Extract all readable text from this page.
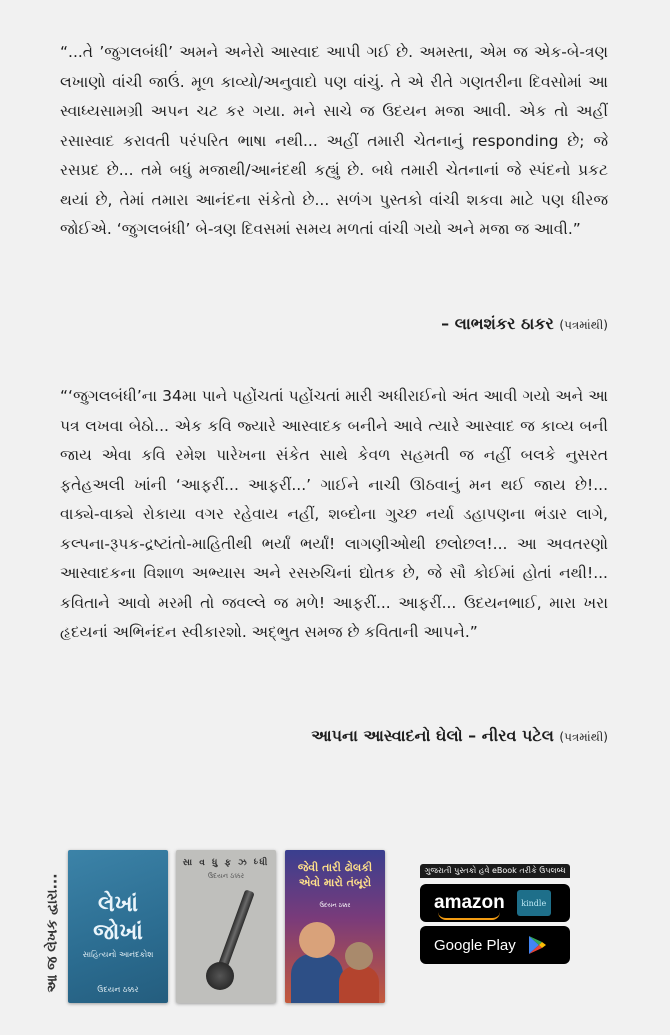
“...તે ’જુગલબંધી’ અમને અનેરો આસ્વાદ આપી ગઈ છે. અમસ્તા, એમ જ એક-બે-ત્રણ લખાણો વાંચી જાઉં. મૂળ કાવ્યો/અનુવાદો પણ વાંચું. તે એ રીતે ગણતરીના દિવસોમાં આ સ્વાધ્યસામગ્રી અપન ચટ કર ગયા. મને સાચે જ ઉદયન મજા આવી. એક તો અહીં રસાસ્વાદ કરાવતી પરંપરિત ભાષા નથી... અહીં તમારી ચેતનાનું responding છે; જે રસપ્રદ છે... તમે બધું મજાથી/આનંદથી કહ્યું છે. બધે તમારી ચેતનાનાં જે સ્પંદનો પ્રકટ થયાં છે, તેમાં તમારા આનંદના સંકેતો છે... સળંગ પુસ્તકો વાંચી શકવા માટે પણ ધીરજ જોઈએ. ‘જુગલબંધી’ બે-ત્રણ દિવસમાં સમય મળતાં વાંચી ગયો અને મજા જ આવી.”
– લાભશંકર ઠાકર (પત્રમાંથી)
“‘જુગલબંધી’ના 34મા પાને પહોંચતાં પહોંચતાં મારી અધીરાઈનો અંત આવી ગયો અને આ પત્ર લખવા બેઠો... એક કવિ જ્યારે આસ્વાદક બનીને આવે ત્યારે આસ્વાદ જ કાવ્ય બની જાય એવા કવિ રમેશ પારેખના સંકેત સાથે કેવળ સહમતી જ નહીં બલકે નુસરત ફતેહઅલી ખાંની ‘આફરીં... આફરીં...’ ગાઈને નાચી ઊઠવાનું મન થઈ જાય છે!... વાક્યે-વાક્યે રોકાયા વગર રહેવાય નહીં, શબ્દોના ગુચ્છ નર્યા ડહાપણના ભંડાર લાગે, કલ્પના-રૂપક-દ્રષ્ટાંતો-માહિતીથી ભર્યાં ભર્યાં! લાગણીઓથી છલોછલ!... આ અવતરણો આસ્વાદકના વિશાળ અભ્યાસ અને રસરુચિનાં દ્યોતક છે, જે સૌ કોઈમાં હોતાં નથી!... કવિતાને આવો મરમી તો જવલ્લે જ મળે! આફરીં... આફરીં... ઉદયનભાઈ, મારા ખરા હૃદયનાં અભિનંદન સ્વીકારશો. અદ્ભુત સમજ છે કવિતાની આપને.”
આપના આસ્વાદનો ઘેલો – નીરવ પટેલ (પત્રમાંથી)
આ જ લેખક દ્વારા...	લેખાં
જોખાં
સાહિત્યનો આનંદકોશ
ઉદયન ઠક્કર
સા વ ધુ ફ ઝ ધ્ધી
ઉદયન ઠક્કર
જેવી તારી ઢોલકી
એવો મારો તંબૂરો
ઉદયન ઠક્કર
ગુજરાતી પુસ્તકો હવે eBook તરીકે ઉપલબ્ધ
amazon	kindle
Google Play
